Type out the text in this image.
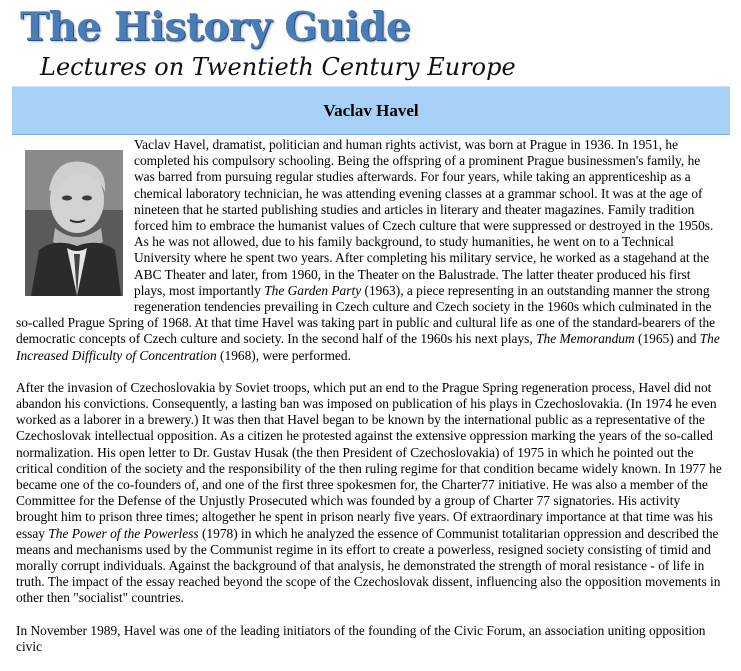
The History Guide
Lectures on Twentieth Century Europe
Vaclav Havel

Vaclav Havel, dramatist, politician and human rights activist, was born at Prague in 1936. In 1951, he completed his compulsory schooling. Being the offspring of a prominent Prague businessmen's family, he was barred from pursuing regular studies afterwards. For four years, while taking an apprenticeship as a chemical laboratory technician, he was attending evening classes at a grammar school. It was at the age of nineteen that he started publishing studies and articles in literary and theater magazines. Family tradition forced him to embrace the humanist values of Czech culture that were suppressed or destroyed in the 1950s. As he was not allowed, due to his family background, to study humanities, he went on to a Technical University where he spent two years. After completing his military service, he worked as a stagehand at the ABC Theater and later, from 1960, in the Theater on the Balustrade. The latter theater produced his first plays, most importantly The Garden Party (1963), a piece representing in an outstanding manner the strong regeneration tendencies prevailing in Czech culture and Czech society in the 1960s which culminated in the so-called Prague Spring of 1968. At that time Havel was taking part in public and cultural life as one of the standard-bearers of the democratic concepts of Czech culture and society. In the second half of the 1960s his next plays, The Memorandum (1965) and The Increased Difficulty of Concentration (1968), were performed.

After the invasion of Czechoslovakia by Soviet troops, which put an end to the Prague Spring regeneration process, Havel did not abandon his convictions. Consequently, a lasting ban was imposed on publication of his plays in Czechoslovakia. (In 1974 he even worked as a laborer in a brewery.) It was then that Havel began to be known by the international public as a representative of the Czechoslovak intellectual opposition. As a citizen he protested against the extensive oppression marking the years of the so-called normalization. His open letter to Dr. Gustav Husak (the then President of Czechoslovakia) of 1975 in which he pointed out the critical condition of the society and the responsibility of the then ruling regime for that condition became widely known. In 1977 he became one of the co-founders of, and one of the first three spokesmen for, the Charter77 initiative. He was also a member of the Committee for the Defense of the Unjustly Prosecuted which was founded by a group of Charter 77 signatories. His activity brought him to prison three times; altogether he spent in prison nearly five years. Of extraordinary importance at that time was his essay The Power of the Powerless (1978) in which he analyzed the essence of Communist totalitarian oppression and described the means and mechanisms used by the Communist regime in its effort to create a powerless, resigned society consisting of timid and morally corrupt individuals. Against the background of that analysis, he demonstrated the strength of moral resistance - of life in truth. The impact of the essay reached beyond the scope of the Czechoslovak dissent, influencing also the opposition movements in other then "socialist" countries.

In November 1989, Havel was one of the leading initiators of the founding of the Civic Forum, an association uniting opposition civic
